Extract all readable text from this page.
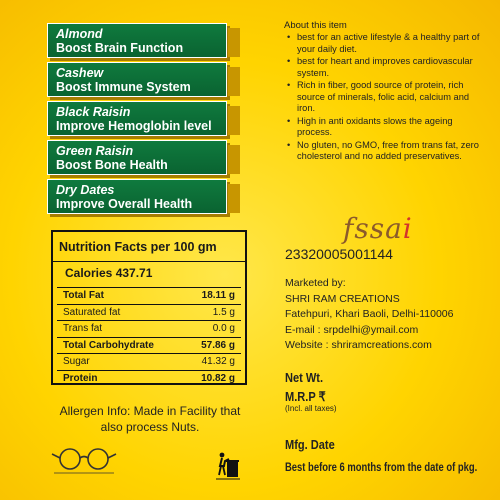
Almond
Boost Brain Function
Cashew
Boost Immune System
Black Raisin
Improve Hemoglobin level
Green Raisin
Boost Bone Health
Dry Dates
Improve Overall Health
Nutrition Facts per 100 gm
Calories 437.71
Total Fat	18.11 g
Saturated fat	1.5 g
Trans fat	0.0 g
Total Carbohydrate	57.86 g
Sugar	41.32 g
Protein	10.82 g
Allergen Info: Made in Facility that also process Nuts.
About this item
• best for an active lifestyle & a healthy part of your daily diet.
• best for heart and improves cardiovascular system.
• Rich in fiber, good source of protein, rich source of minerals, folic acid, calcium and iron.
• High in anti oxidants slows the ageing process.
• No gluten, no GMO, free from trans fat, zero cholesterol and no added preservatives.
fssai
23320005001144
Marketed by:
SHRI RAM CREATIONS
Fatehpuri, Khari Baoli, Delhi-110006
E-mail : srpdelhi@ymail.com
Website : shriramcreations.com
Net Wt.
M.R.P ₹
(Incl. all taxes)
Mfg. Date
Best before 6 months from the date of pkg.
